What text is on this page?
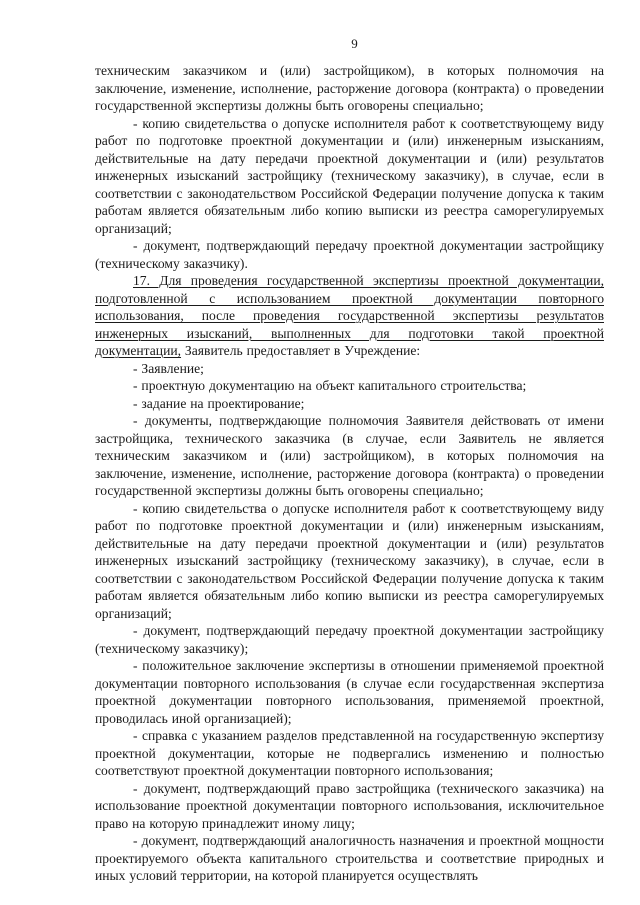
9

техническим заказчиком и (или) застройщиком), в которых полномочия на заключение, изменение, исполнение, расторжение договора (контракта) о проведении государственной экспертизы должны быть оговорены специально;

- копию свидетельства о допуске исполнителя работ к соответствующему виду работ по подготовке проектной документации и (или) инженерным изысканиям, действительные на дату передачи проектной документации и (или) результатов инженерных изысканий застройщику (техническому заказчику), в случае, если в соответствии с законодательством Российской Федерации получение допуска к таким работам является обязательным либо копию выписки из реестра саморегулируемых организаций;

- документ, подтверждающий передачу проектной документации застройщику (техническому заказчику).

17. Для проведения государственной экспертизы проектной документации, подготовленной с использованием проектной документации повторного использования, после проведения государственной экспертизы результатов инженерных изысканий, выполненных для подготовки такой проектной документации, Заявитель предоставляет в Учреждение:

- Заявление;

- проектную документацию на объект капитального строительства;

- задание на проектирование;

- документы, подтверждающие полномочия Заявителя действовать от имени застройщика, технического заказчика (в случае, если Заявитель не является техническим заказчиком и (или) застройщиком), в которых полномочия на заключение, изменение, исполнение, расторжение договора (контракта) о проведении государственной экспертизы должны быть оговорены специально;

- копию свидетельства о допуске исполнителя работ к соответствующему виду работ по подготовке проектной документации и (или) инженерным изысканиям, действительные на дату передачи проектной документации и (или) результатов инженерных изысканий застройщику (техническому заказчику), в случае, если в соответствии с законодательством Российской Федерации получение допуска к таким работам является обязательным либо копию выписки из реестра саморегулируемых организаций;

- документ, подтверждающий передачу проектной документации застройщику (техническому заказчику);

- положительное заключение экспертизы в отношении применяемой проектной документации повторного использования (в случае если государственная экспертиза проектной документации повторного использования, применяемой проектной, проводилась иной организацией);

- справка с указанием разделов представленной на государственную экспертизу проектной документации, которые не подвергались изменению и полностью соответствуют проектной документации повторного использования;

- документ, подтверждающий право застройщика (технического заказчика) на использование проектной документации повторного использования, исключительное право на которую принадлежит иному лицу;

- документ, подтверждающий аналогичность назначения и проектной мощности проектируемого объекта капитального строительства и соответствие природных и иных условий территории, на которой планируется осуществлять
